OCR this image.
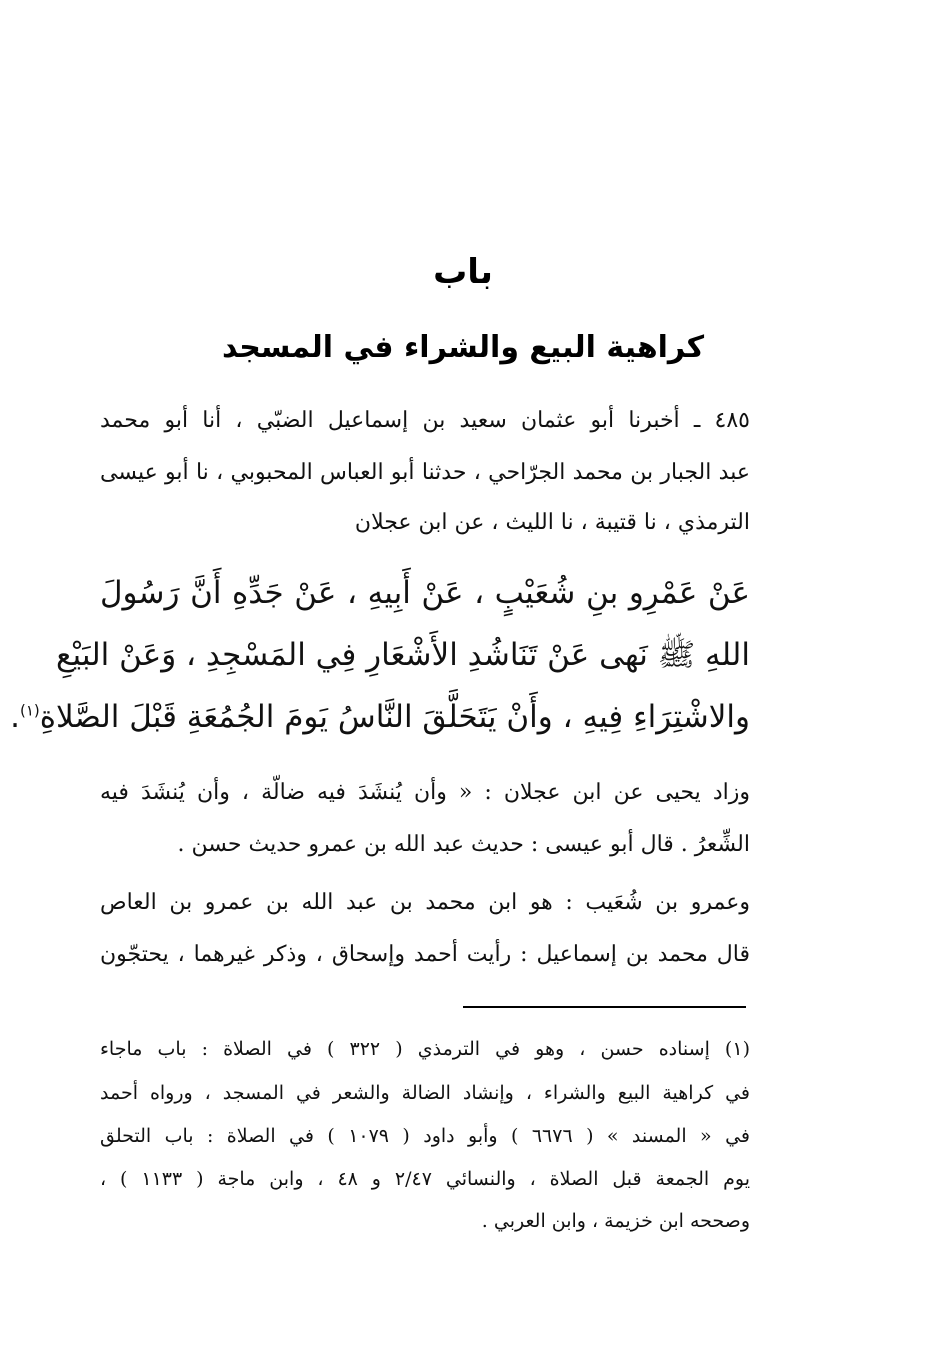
باب
كراهية البيع والشراء في المسجد
٤٨٥ ـ أخبرنا أبو عثمان سعيد بن إسماعيل الضبّي ، أنا أبو محمد
عبد الجبار بن محمد الجرّاحي ، حدثنا أبو العباس المحبوبي ، نا أبو عيسى
الترمذي ، نا قتيبة ، نا الليث ، عن ابن عجلان
عَنْ عَمْرِو بنِ شُعَيْبٍ ، عَنْ أَبِيهِ ، عَنْ جَدِّهِ أَنَّ رَسُولَ
اللهِ ﷺ نَهى عَنْ تَنَاشُدِ الأَشْعَارِ فِي المَسْجِدِ ، وَعَنْ البَيْعِ
والاشْتِرَاءِ فِيهِ ، وأَنْ يَتَحَلَّقَ النَّاسُ يَومَ الجُمُعَةِ قَبْلَ الصَّلاةِ$^{(١)}$.
وزاد يحيى عن ابن عجلان : « وأن يُنشَدَ فيه ضالّة ، وأن يُنشَدَ فيه
الشِّعرُ . قال أبو عيسى : حديث عبد الله بن عمرو حديث حسن .
وعمرو بن شُعَيب : هو ابن محمد بن عبد الله بن عمرو بن العاص
قال محمد بن إسماعيل : رأيت أحمد وإسحاق ، وذكر غيرهما ، يحتجّون
(١) إسناده حسن ، وهو في الترمذي ( ٣٢٢ ) في الصلاة : باب ماجاء
في كراهية البيع والشراء ، وإنشاد الضالة والشعر في المسجد ، ورواه أحمد
في « المسند » ( ٦٦٧٦ ) وأبو داود ( ١٠٧٩ ) في الصلاة : باب التحلق
يوم الجمعة قبل الصلاة ، والنسائي ٢/٤٧ و ٤٨ ، وابن ماجة ( ١١٣٣ ) ،
وصححه ابن خزيمة ، وابن العربي .
